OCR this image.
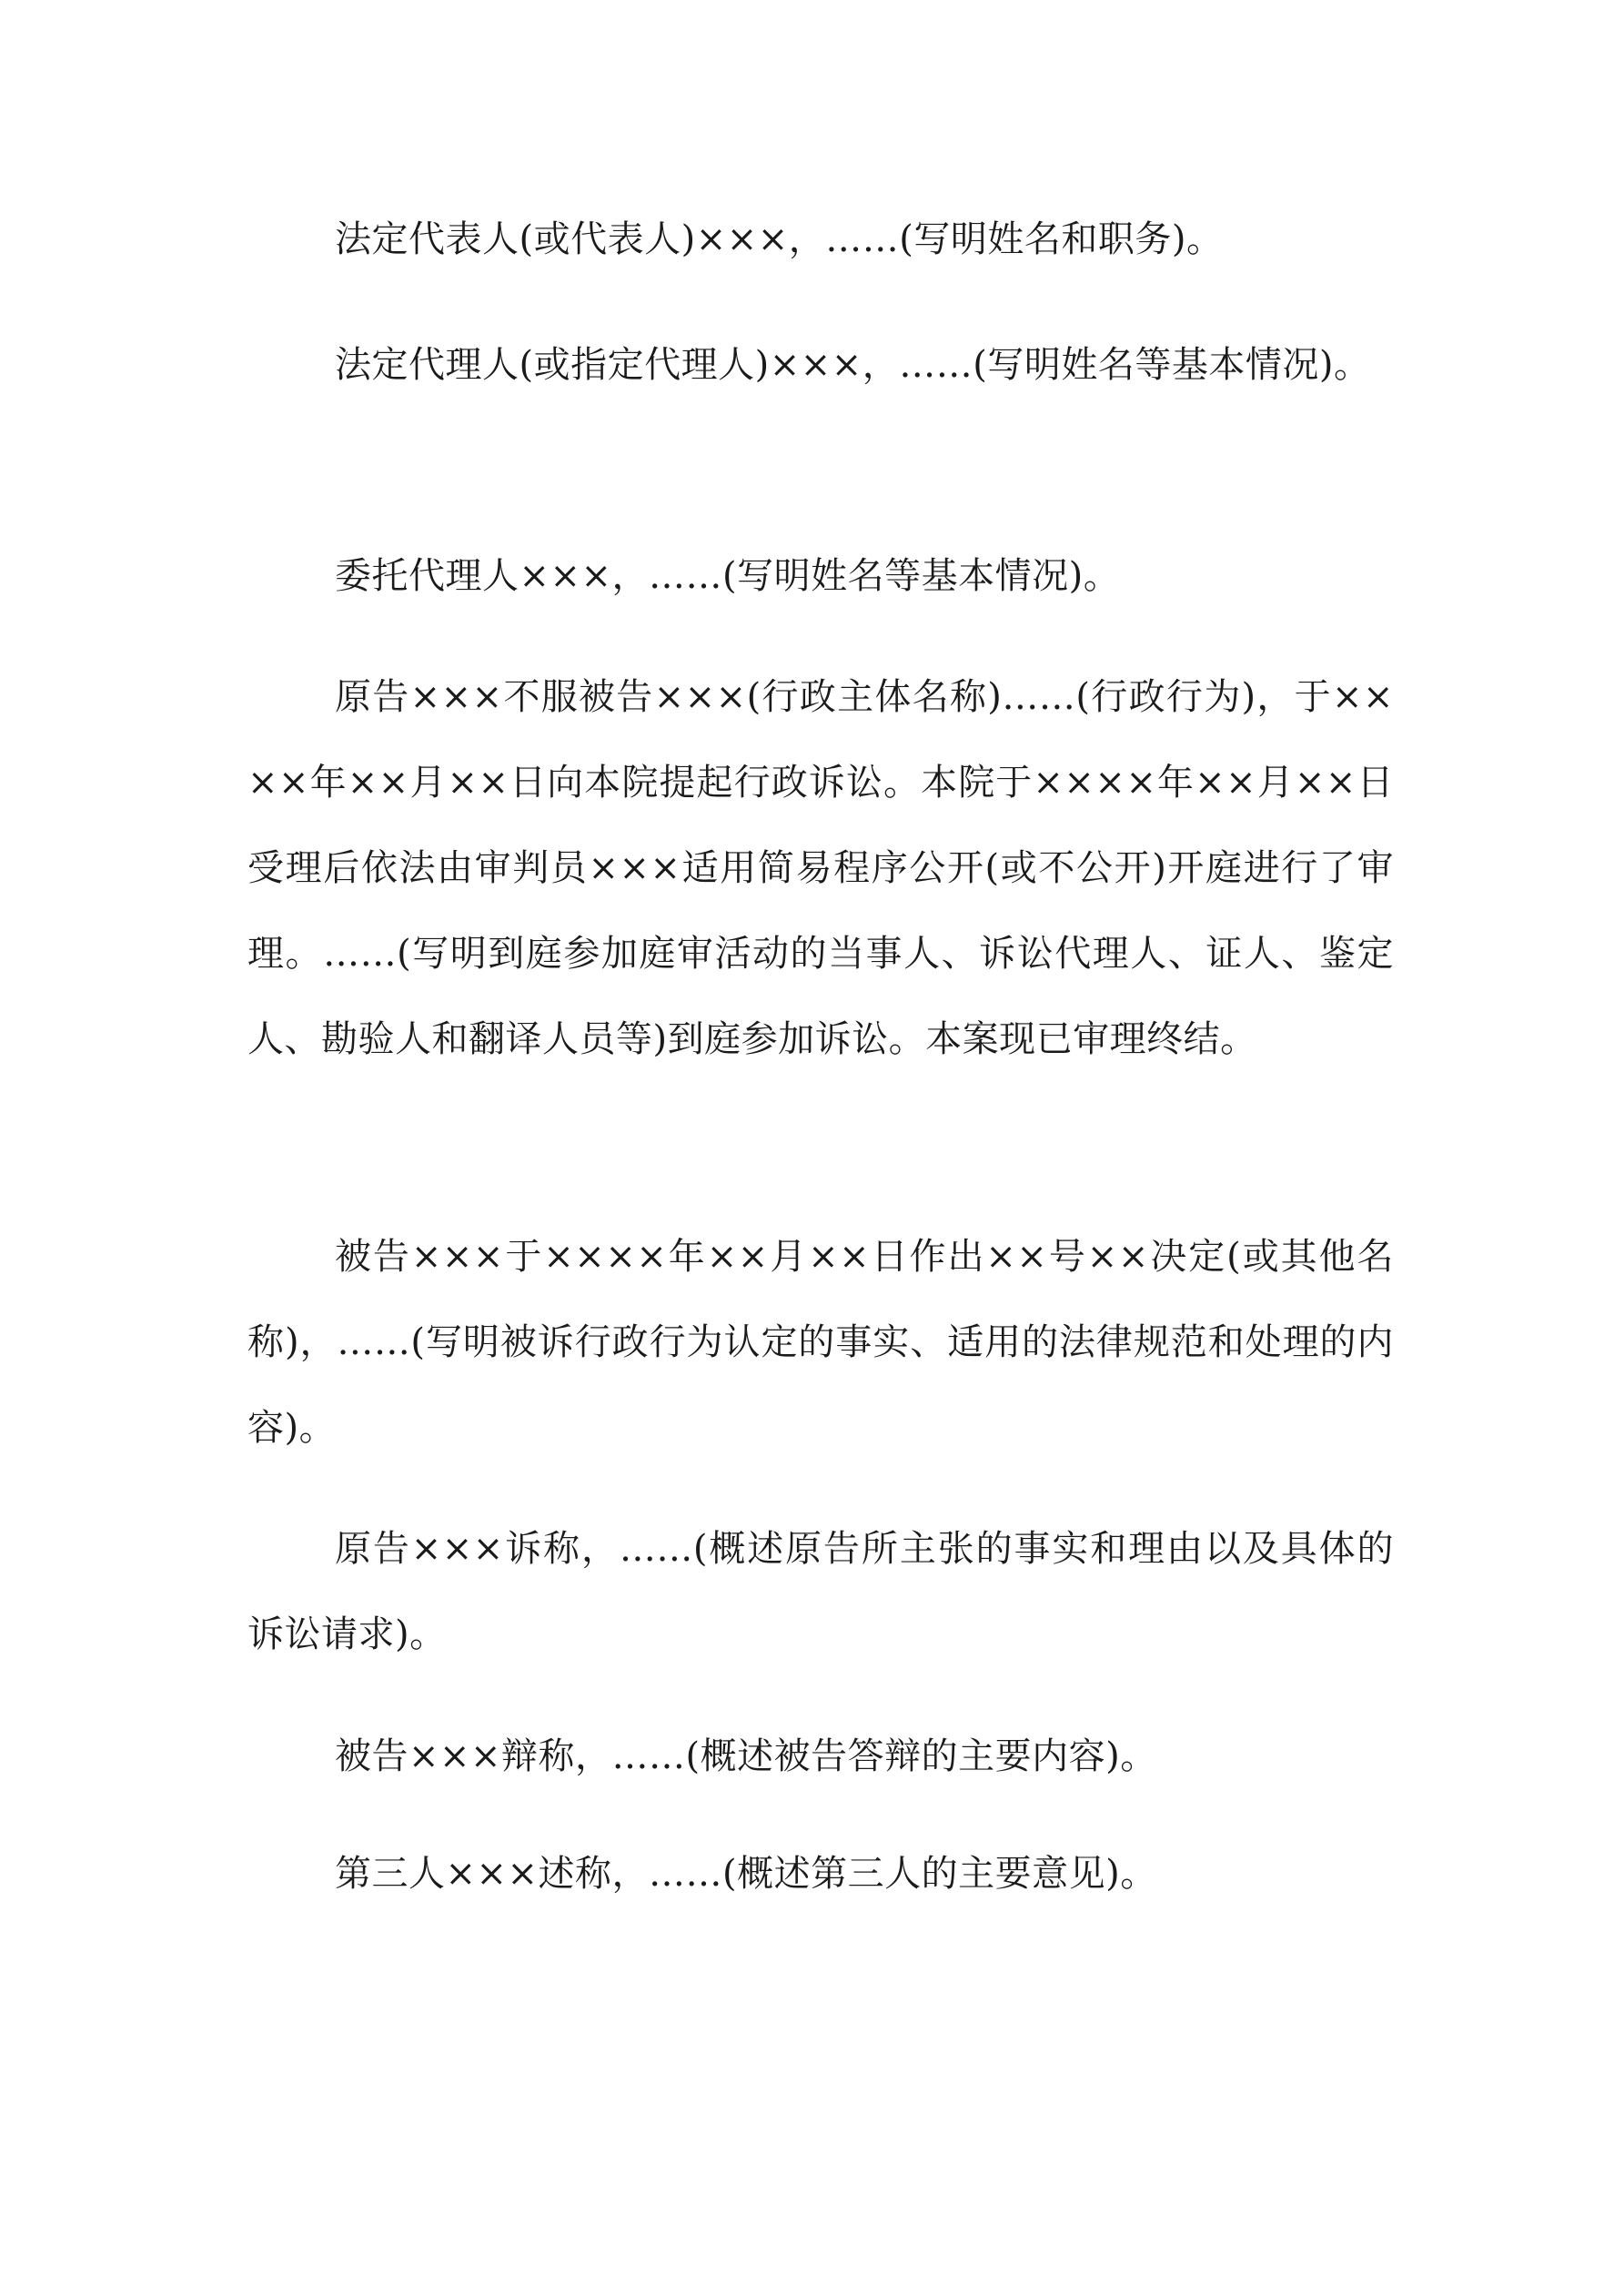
法定代表人(或代表人)×××，……(写明姓名和职务)。

法定代理人(或指定代理人)×××，……(写明姓名等基本情况)。

委托代理人×××，……(写明姓名等基本情况)。

原告×××不服被告×××(行政主体名称)……(行政行为)，于××××年××月××日向本院提起行政诉讼。本院于××××年××月××日受理后依法由审判员×××适用简易程序公开(或不公开)开庭进行了审理。……(写明到庭参加庭审活动的当事人、诉讼代理人、证人、鉴定人、勘验人和翻译人员等)到庭参加诉讼。本案现已审理终结。

被告×××于××××年××月××日作出××号××决定(或其他名称)，……(写明被诉行政行为认定的事实、适用的法律规范和处理的内容)。

原告×××诉称，……(概述原告所主张的事实和理由以及具体的诉讼请求)。

被告×××辩称，……(概述被告答辩的主要内容)。

第三人×××述称，……(概述第三人的主要意见)。
